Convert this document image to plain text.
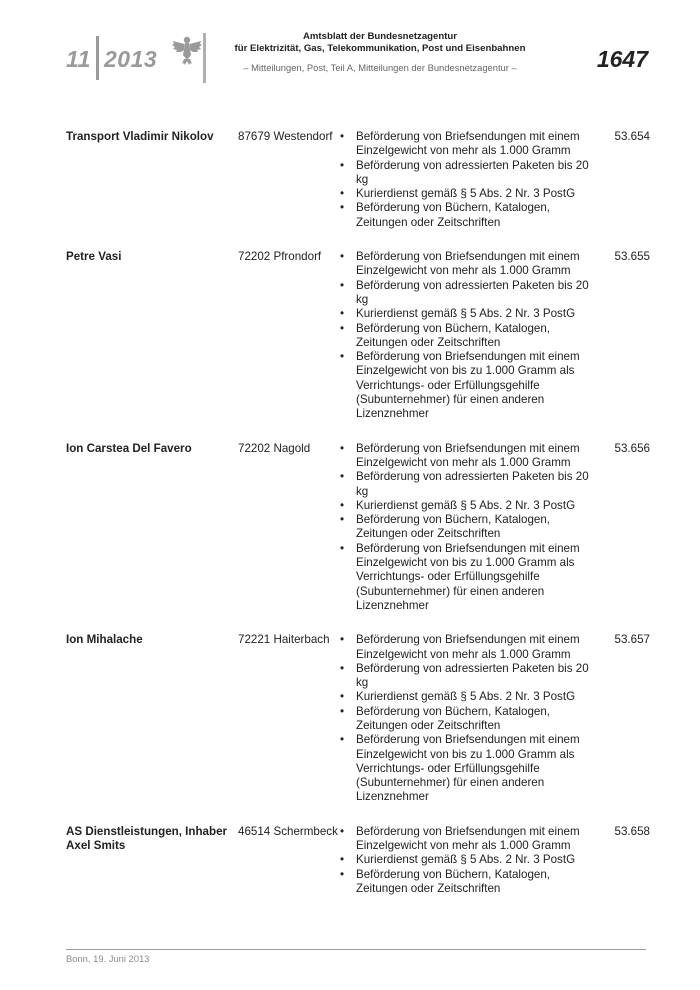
11 2013
Amtsblatt der Bundesnetzagentur
für Elektrizität, Gas, Telekommunikation, Post und Eisenbahnen
– Mitteilungen, Post, Teil A, Mitteilungen der Bundesnetzagentur –	1647
Transport Vladimir Nikolov	87679 Westendorf	53.654
• Beförderung von Briefsendungen mit einem Einzelgewicht von mehr als 1.000 Gramm
• Beförderung von adressierten Paketen bis 20 kg
• Kurierdienst gemäß § 5 Abs. 2 Nr. 3 PostG
• Beförderung von Büchern, Katalogen, Zeitungen oder Zeitschriften
Petre Vasi	72202 Pfrondorf	53.655
• Beförderung von Briefsendungen mit einem Einzelgewicht von mehr als 1.000 Gramm
• Beförderung von adressierten Paketen bis 20 kg
• Kurierdienst gemäß § 5 Abs. 2 Nr. 3 PostG
• Beförderung von Büchern, Katalogen, Zeitungen oder Zeitschriften
• Beförderung von Briefsendungen mit einem Einzelgewicht von bis zu 1.000 Gramm als Verrichtungs- oder Erfüllungsgehilfe (Subunternehmer) für einen anderen Lizenznehmer
Ion Carstea Del Favero	72202 Nagold	53.656
• Beförderung von Briefsendungen mit einem Einzelgewicht von mehr als 1.000 Gramm
• Beförderung von adressierten Paketen bis 20 kg
• Kurierdienst gemäß § 5 Abs. 2 Nr. 3 PostG
• Beförderung von Büchern, Katalogen, Zeitungen oder Zeitschriften
• Beförderung von Briefsendungen mit einem Einzelgewicht von bis zu 1.000 Gramm als Verrichtungs- oder Erfüllungsgehilfe (Subunternehmer) für einen anderen Lizenznehmer
Ion Mihalache	72221 Haiterbach	53.657
• Beförderung von Briefsendungen mit einem Einzelgewicht von mehr als 1.000 Gramm
• Beförderung von adressierten Paketen bis 20 kg
• Kurierdienst gemäß § 5 Abs. 2 Nr. 3 PostG
• Beförderung von Büchern, Katalogen, Zeitungen oder Zeitschriften
• Beförderung von Briefsendungen mit einem Einzelgewicht von bis zu 1.000 Gramm als Verrichtungs- oder Erfüllungsgehilfe (Subunternehmer) für einen anderen Lizenznehmer
AS Dienstleistungen, Inhaber Axel Smits
46514 Schermbeck	53.658
• Beförderung von Briefsendungen mit einem Einzelgewicht von mehr als 1.000 Gramm
• Kurierdienst gemäß § 5 Abs. 2 Nr. 3 PostG
• Beförderung von Büchern, Katalogen, Zeitungen oder Zeitschriften
Bonn, 19. Juni 2013
